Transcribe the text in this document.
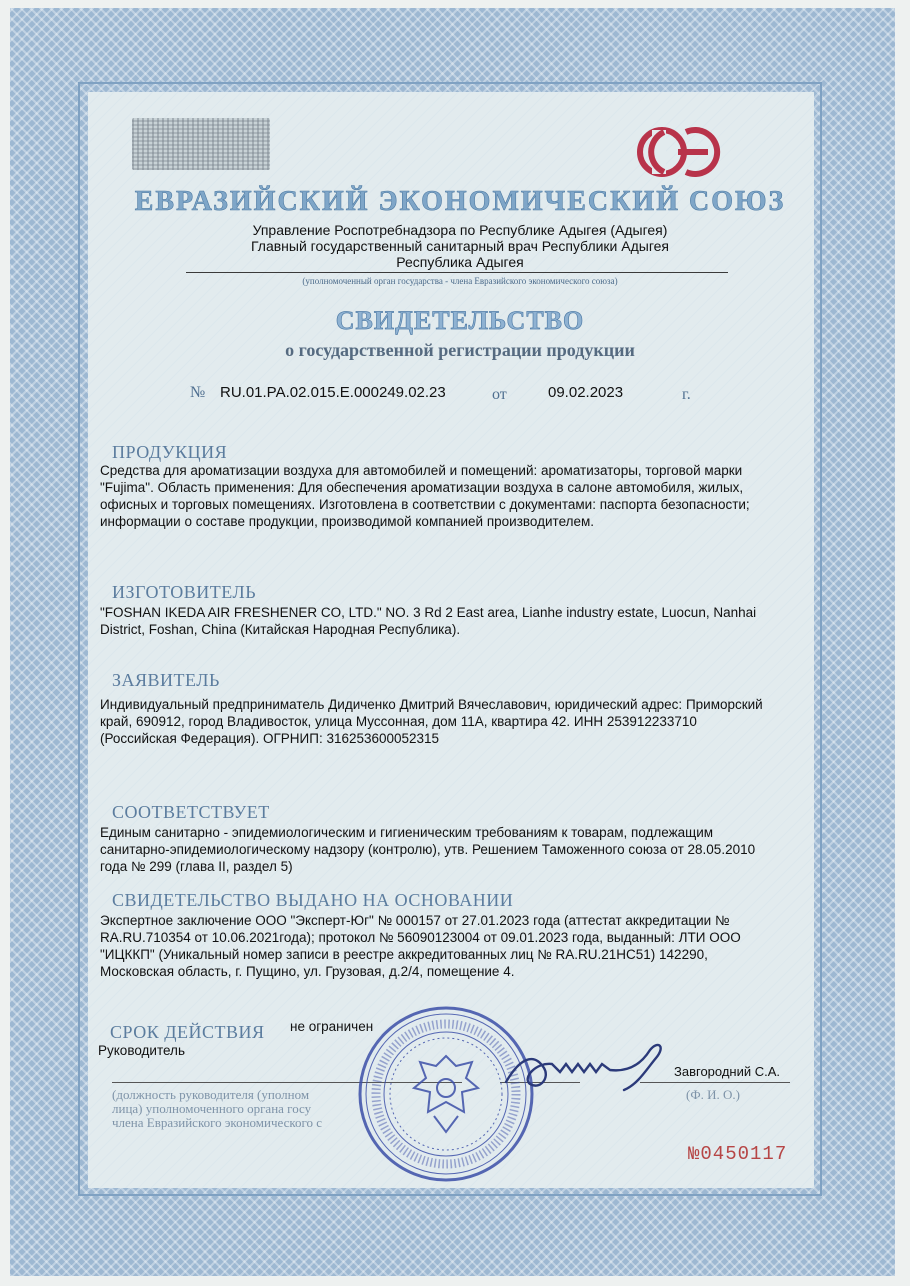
ЕВРАЗИЙСКИЙ ЭКОНОМИЧЕСКИЙ СОЮЗ
Управление Роспотребнадзора по Республике Адыгея (Адыгея)
Главный государственный санитарный врач Республики Адыгея
Республика Адыгея
(уполномоченный орган государства - члена Евразийского экономического союза)
СВИДЕТЕЛЬСТВО
о государственной регистрации продукции
№ RU.01.PA.02.015.E.000249.02.23	от	09.02.2023	г.
ПРОДУКЦИЯ
Средства для ароматизации воздуха для автомобилей и помещений: ароматизаторы, торговой марки
"Fujima". Область применения: Для обеспечения ароматизации воздуха в салоне автомобиля, жилых,
офисных и торговых помещениях. Изготовлена в соответствии с документами: паспорта безопасности;
информации о составе продукции, производимой компанией производителем.
ИЗГОТОВИТЕЛЬ
"FOSHAN IKEDA AIR FRESHENER CO, LTD." NO. 3 Rd 2 East area, Lianhe industry estate, Luocun, Nanhai
District, Foshan, China (Китайская Народная Республика).
ЗАЯВИТЕЛЬ
Индивидуальный предприниматель Дидиченко Дмитрий Вячеславович, юридический адрес: Приморский
край, 690912, город Владивосток, улица Муссонная, дом 11А, квартира 42. ИНН 253912233710
(Российская Федерация). ОГРНИП: 316253600052315
СООТВЕТСТВУЕТ
Единым санитарно - эпидемиологическим и гигиеническим требованиям к товарам, подлежащим
санитарно-эпидемиологическому надзору (контролю), утв. Решением Таможенного союза от 28.05.2010
года № 299 (глава II, раздел 5)
СВИДЕТЕЛЬСТВО ВЫДАНО НА ОСНОВАНИИ
Экспертное заключение ООО "Эксперт-Юг" № 000157 от 27.01.2023 года (аттестат аккредитации №
RA.RU.710354 от 10.06.2021года); протокол № 56090123004 от 09.01.2023 года, выданный: ЛТИ ООО
"ИЦККП" (Уникальный номер записи в реестре аккредитованных лиц № RA.RU.21НС51) 142290,
Московская область, г. Пущино, ул. Грузовая, д.2/4, помещение 4.
СРОК ДЕЙСТВИЯ не ограничен
Руководитель
Завгородний С.А.
(должность руководителя (уполном
лица) уполномоченного органа госу
члена Евразийского экономического с
(Ф. И. О.)
№0450117
